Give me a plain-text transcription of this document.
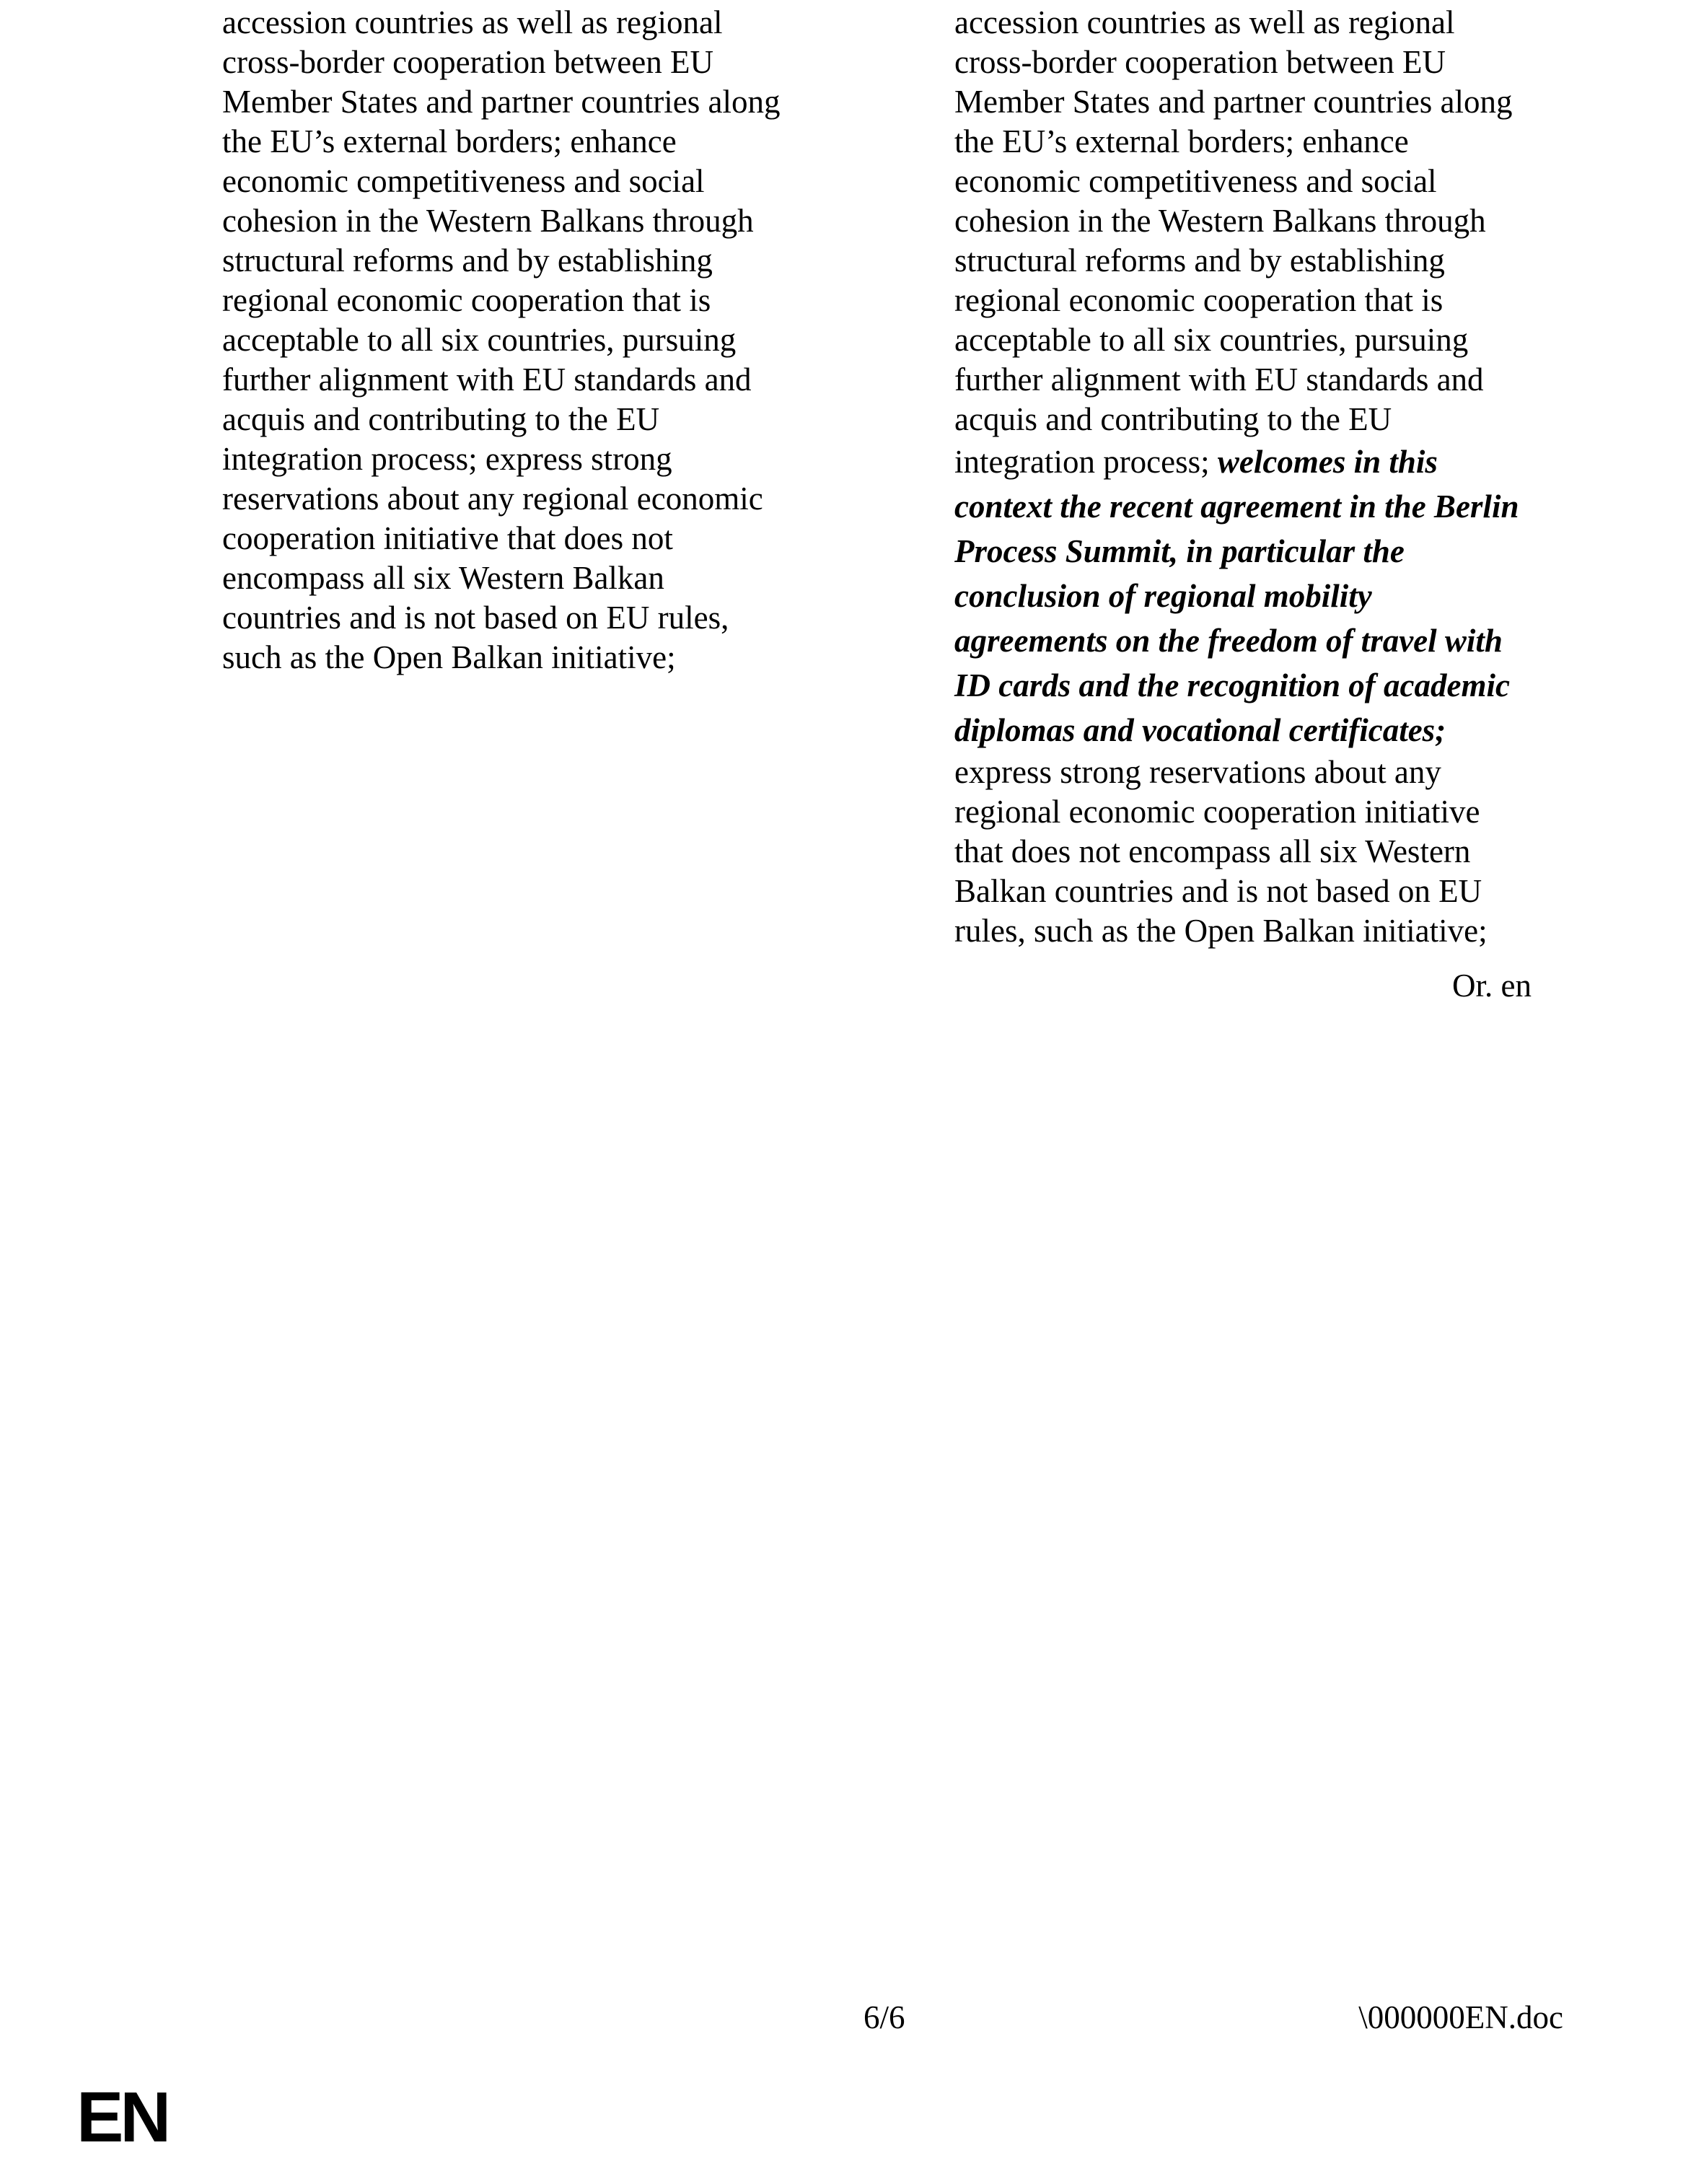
accession countries as well as regional
cross-border cooperation between EU
Member States and partner countries along
the EU’s external borders; enhance
economic competitiveness and social
cohesion in the Western Balkans through
structural reforms and by establishing
regional economic cooperation that is
acceptable to all six countries, pursuing
further alignment with EU standards and
acquis and contributing to the EU
integration process; express strong
reservations about any regional economic
cooperation initiative that does not
encompass all six Western Balkan
countries and is not based on EU rules,
such as the Open Balkan initiative;
accession countries as well as regional
cross-border cooperation between EU
Member States and partner countries along
the EU’s external borders; enhance
economic competitiveness and social
cohesion in the Western Balkans through
structural reforms and by establishing
regional economic cooperation that is
acceptable to all six countries, pursuing
further alignment with EU standards and
acquis and contributing to the EU
integration process; welcomes in this
context the recent agreement in the Berlin
Process Summit, in particular the
conclusion of regional mobility
agreements on the freedom of travel with
ID cards and the recognition of academic
diplomas and vocational certificates;
express strong reservations about any
regional economic cooperation initiative
that does not encompass all six Western
Balkan countries and is not based on EU
rules, such as the Open Balkan initiative;
Or. en
6/6	\000000EN.doc
EN
